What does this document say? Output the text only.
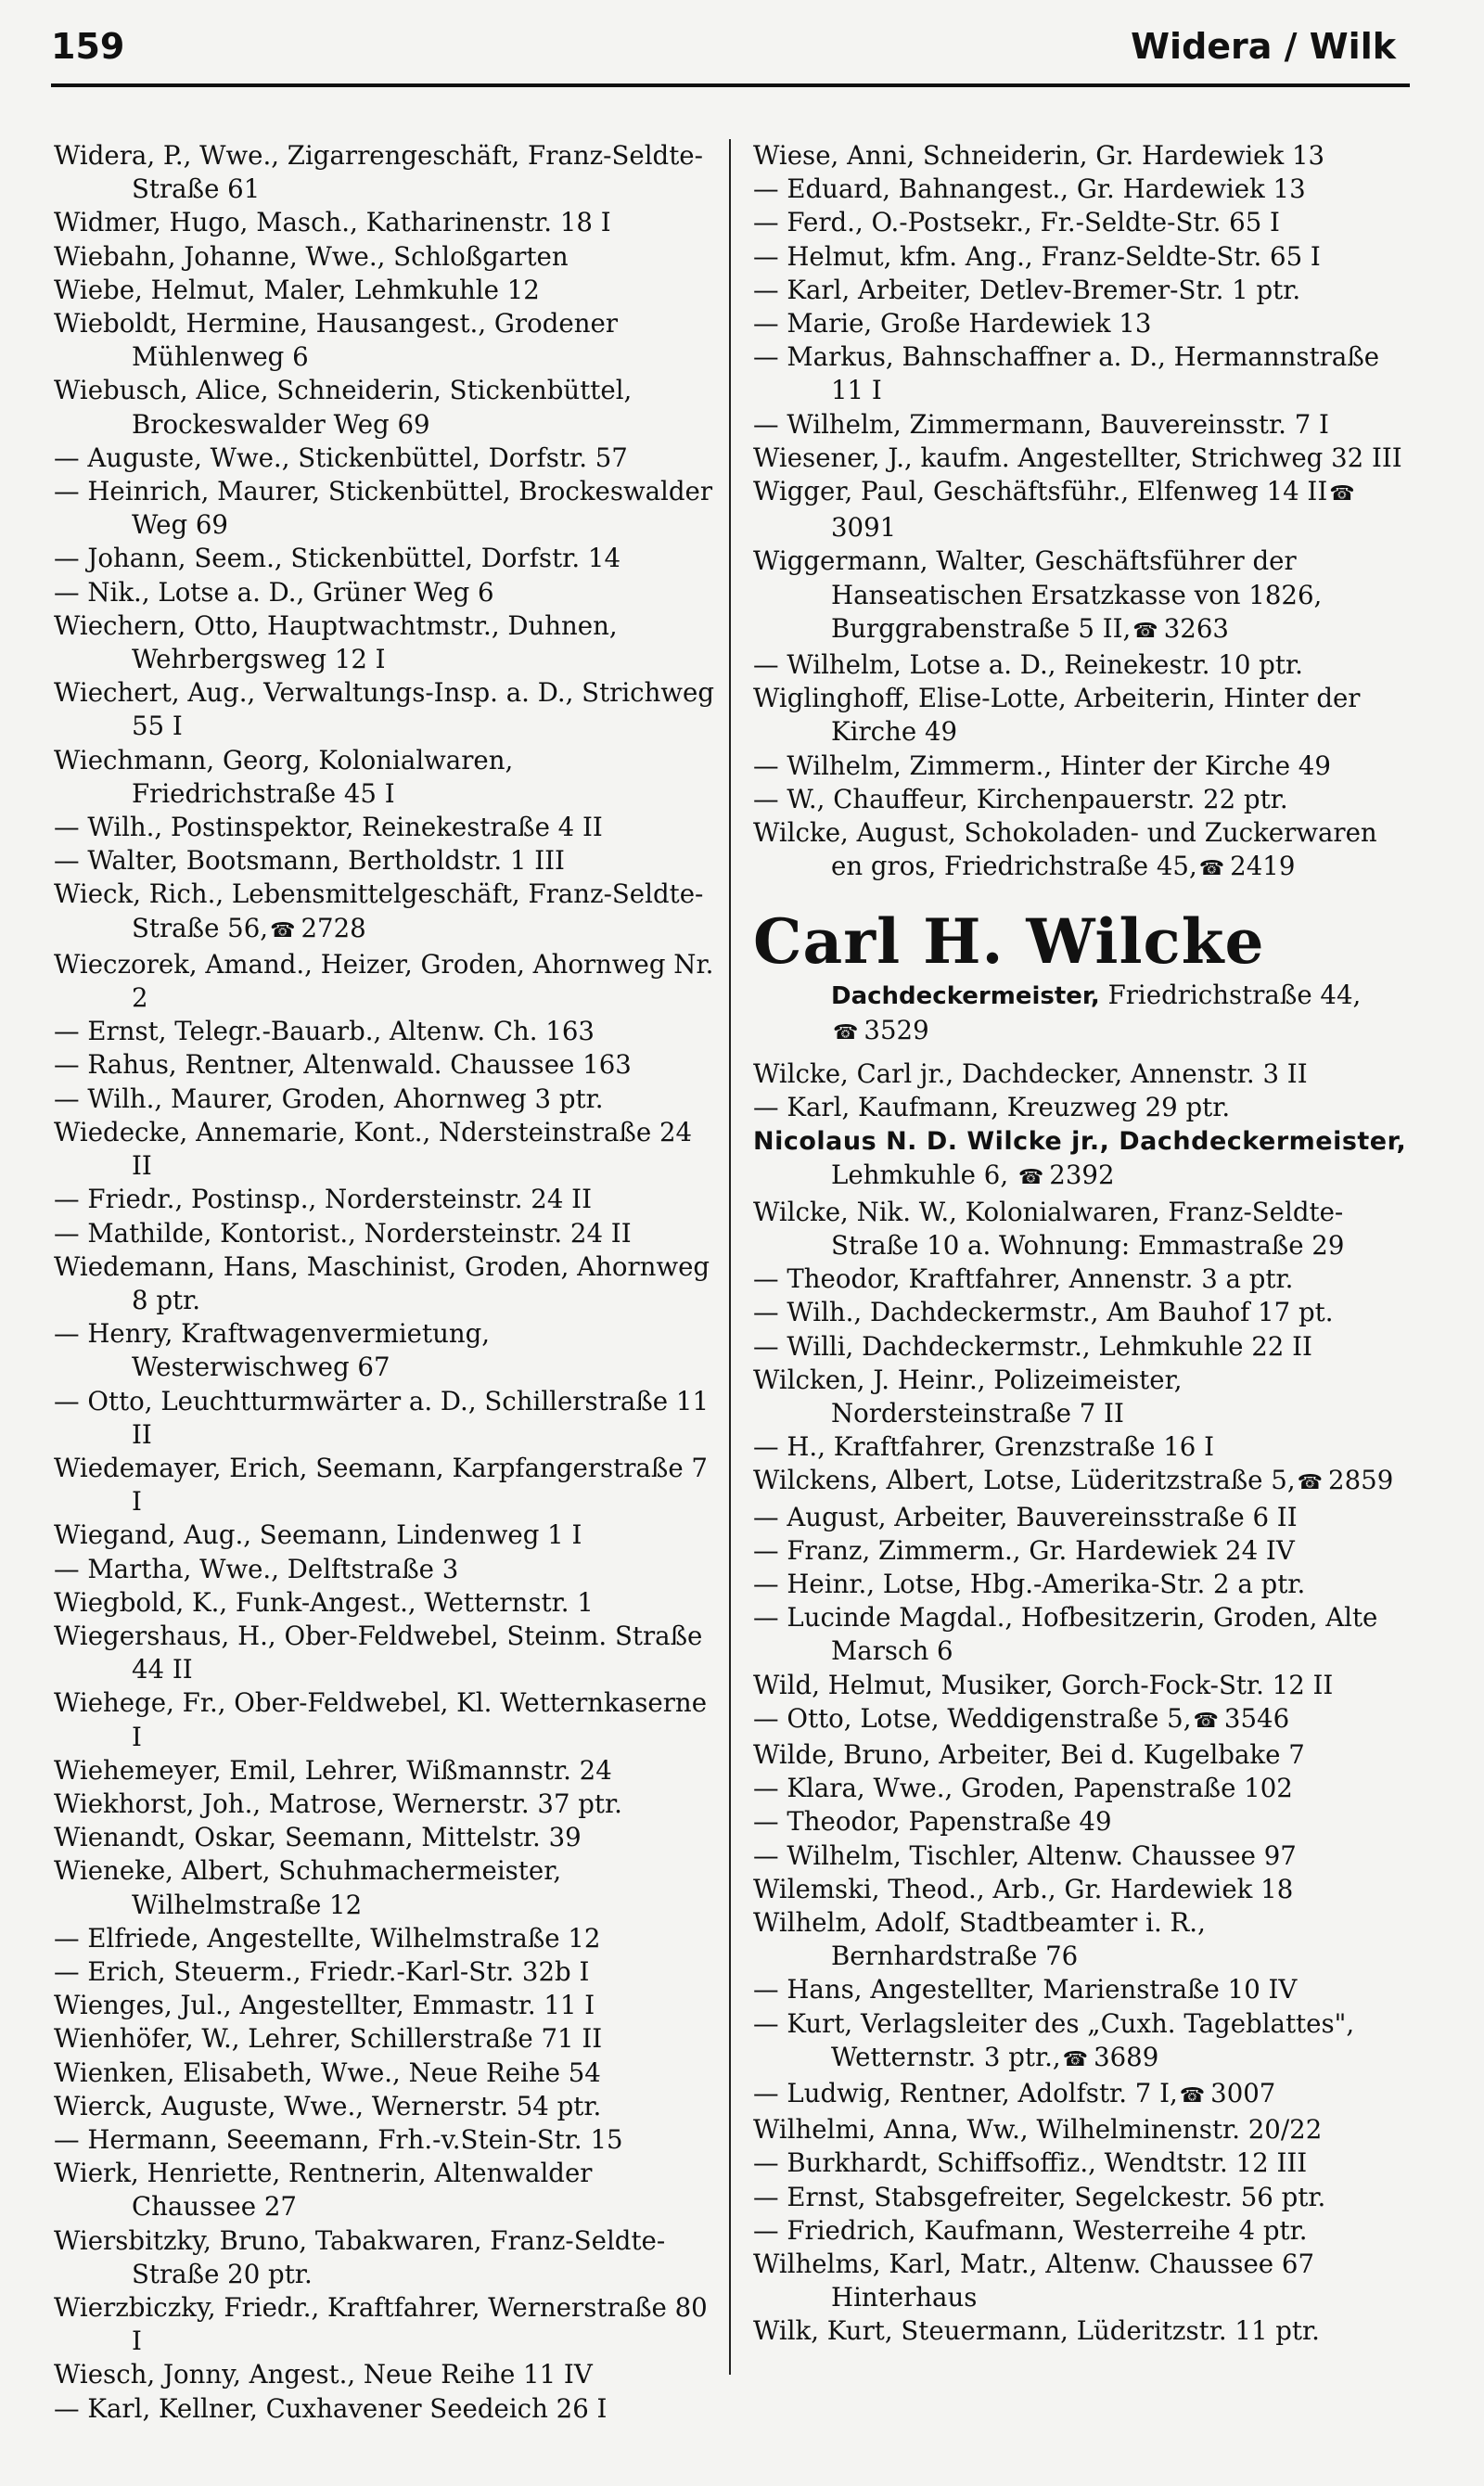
159	Widera / Wilk

Widera, P., Wwe., Zigarrengeschäft, Franz-Seldte-Straße 61

Widmer, Hugo, Masch., Katharinenstr. 18 I

Wiebahn, Johanne, Wwe., Schloßgarten

Wiebe, Helmut, Maler, Lehmkuhle 12

Wieboldt, Hermine, Hausangest., Grodener Mühlenweg 6

Wiebusch, Alice, Schneiderin, Stickenbüttel, Brockeswalder Weg 69

— Auguste, Wwe., Stickenbüttel, Dorfstr. 57

— Heinrich, Maurer, Stickenbüttel, Brockeswalder Weg 69

— Johann, Seem., Stickenbüttel, Dorfstr. 14

— Nik., Lotse a. D., Grüner Weg 6

Wiechern, Otto, Hauptwachtmstr., Duhnen, Wehrbergsweg 12 I

Wiechert, Aug., Verwaltungs-Insp. a. D., Strichweg 55 I

Wiechmann, Georg, Kolonialwaren, Friedrichstraße 45 I

— Wilh., Postinspektor, Reinekestraße 4 II

— Walter, Bootsmann, Bertholdstr. 1 III

Wieck, Rich., Lebensmittelgeschäft, Franz-Seldte-Straße 56,☎ 2728

Wieczorek, Amand., Heizer, Groden, Ahornweg Nr. 2

— Ernst, Telegr.-Bauarb., Altenw. Ch. 163

— Rahus, Rentner, Altenwald. Chaussee 163

— Wilh., Maurer, Groden, Ahornweg 3 ptr.

Wiedecke, Annemarie, Kont., Ndersteinstraße 24 II

— Friedr., Postinsp., Nordersteinstr. 24 II

— Mathilde, Kontorist., Nordersteinstr. 24 II

Wiedemann, Hans, Maschinist, Groden, Ahornweg 8 ptr.

— Henry, Kraftwagenvermietung, Westerwischweg 67

— Otto, Leuchtturmwärter a. D., Schillerstraße 11 II

Wiedemayer, Erich, Seemann, Karpfangerstraße 7 I

Wiegand, Aug., Seemann, Lindenweg 1 I

— Martha, Wwe., Delftstraße 3

Wiegbold, K., Funk-Angest., Wetternstr. 1

Wiegershaus, H., Ober-Feldwebel, Steinm. Straße 44 II

Wiehege, Fr., Ober-Feldwebel, Kl. Wetternkaserne I

Wiehemeyer, Emil, Lehrer, Wißmannstr. 24

Wiekhorst, Joh., Matrose, Wernerstr. 37 ptr.

Wienandt, Oskar, Seemann, Mittelstr. 39

Wieneke, Albert, Schuhmachermeister, Wilhelmstraße 12

— Elfriede, Angestellte, Wilhelmstraße 12

— Erich, Steuerm., Friedr.-Karl-Str. 32b I

Wienges, Jul., Angestellter, Emmastr. 11 I

Wienhöfer, W., Lehrer, Schillerstraße 71 II

Wienken, Elisabeth, Wwe., Neue Reihe 54

Wierck, Auguste, Wwe., Wernerstr. 54 ptr.

— Hermann, Seeemann, Frh.-v.Stein-Str. 15

Wierk, Henriette, Rentnerin, Altenwalder Chaussee 27

Wiersbitzky, Bruno, Tabakwaren, Franz-Seldte-Straße 20 ptr.

Wierzbiczky, Friedr., Kraftfahrer, Wernerstraße 80 I

Wiesch, Jonny, Angest., Neue Reihe 11 IV

— Karl, Kellner, Cuxhavener Seedeich 26 I

Wiese, Anni, Schneiderin, Gr. Hardewiek 13

— Eduard, Bahnangest., Gr. Hardewiek 13

— Ferd., O.-Postsekr., Fr.-Seldte-Str. 65 I

— Helmut, kfm. Ang., Franz-Seldte-Str. 65 I

— Karl, Arbeiter, Detlev-Bremer-Str. 1 ptr.

— Marie, Große Hardewiek 13

— Markus, Bahnschaffner a. D., Hermannstraße 11 I

— Wilhelm, Zimmermann, Bauvereinsstr. 7 I

Wiesener, J., kaufm. Angestellter, Strichweg 32 III

Wigger, Paul, Geschäftsführ., Elfenweg 14 II☎3091

Wiggermann, Walter, Geschäftsführer der Hanseatischen Ersatzkasse von 1826, Burggrabenstraße 5 II,☎ 3263

— Wilhelm, Lotse a. D., Reinekestr. 10 ptr.

Wiglinghoff, Elise-Lotte, Arbeiterin, Hinter der Kirche 49

— Wilhelm, Zimmerm., Hinter der Kirche 49

— W., Chauffeur, Kirchenpauerstr. 22 ptr.

Wilcke, August, Schokoladen- und Zuckerwaren en gros, Friedrichstraße 45,☎ 2419

Carl H. Wilcke
Dachdeckermeister, Friedrichstraße 44,
☎ 3529

Wilcke, Carl jr., Dachdecker, Annenstr. 3 II

— Karl, Kaufmann, Kreuzweg 29 ptr.

Nicolaus N. D. Wilcke jr., Dachdeckermeister, Lehmkuhle 6, ☎ 2392

Wilcke, Nik. W., Kolonialwaren, Franz-Seldte-Straße 10 a. Wohnung: Emmastraße 29

— Theodor, Kraftfahrer, Annenstr. 3 a ptr.

— Wilh., Dachdeckermstr., Am Bauhof 17 pt.

— Willi, Dachdeckermstr., Lehmkuhle 22 II

Wilcken, J. Heinr., Polizeimeister, Nordersteinstraße 7 II

— H., Kraftfahrer, Grenzstraße 16 I

Wilckens, Albert, Lotse, Lüderitzstraße 5,☎ 2859

— August, Arbeiter, Bauvereinsstraße 6 II

— Franz, Zimmerm., Gr. Hardewiek 24 IV

— Heinr., Lotse, Hbg.-Amerika-Str. 2 a ptr.

— Lucinde Magdal., Hofbesitzerin, Groden, Alte Marsch 6

Wild, Helmut, Musiker, Gorch-Fock-Str. 12 II

— Otto, Lotse, Weddigenstraße 5,☎ 3546

Wilde, Bruno, Arbeiter, Bei d. Kugelbake 7

— Klara, Wwe., Groden, Papenstraße 102

— Theodor, Papenstraße 49

— Wilhelm, Tischler, Altenw. Chaussee 97

Wilemski, Theod., Arb., Gr. Hardewiek 18

Wilhelm, Adolf, Stadtbeamter i. R., Bernhardstraße 76

— Hans, Angestellter, Marienstraße 10 IV

— Kurt, Verlagsleiter des „Cuxh. Tageblattes", Wetternstr. 3 ptr.,☎ 3689

— Ludwig, Rentner, Adolfstr. 7 I,☎ 3007

Wilhelmi, Anna, Ww., Wilhelminenstr. 20/22

— Burkhardt, Schiffsoffiz., Wendtstr. 12 III

— Ernst, Stabsgefreiter, Segelckestr. 56 ptr.

— Friedrich, Kaufmann, Westerreihe 4 ptr.

Wilhelms, Karl, Matr., Altenw. Chaussee 67 Hinterhaus

Wilk, Kurt, Steuermann, Lüderitzstr. 11 ptr.
